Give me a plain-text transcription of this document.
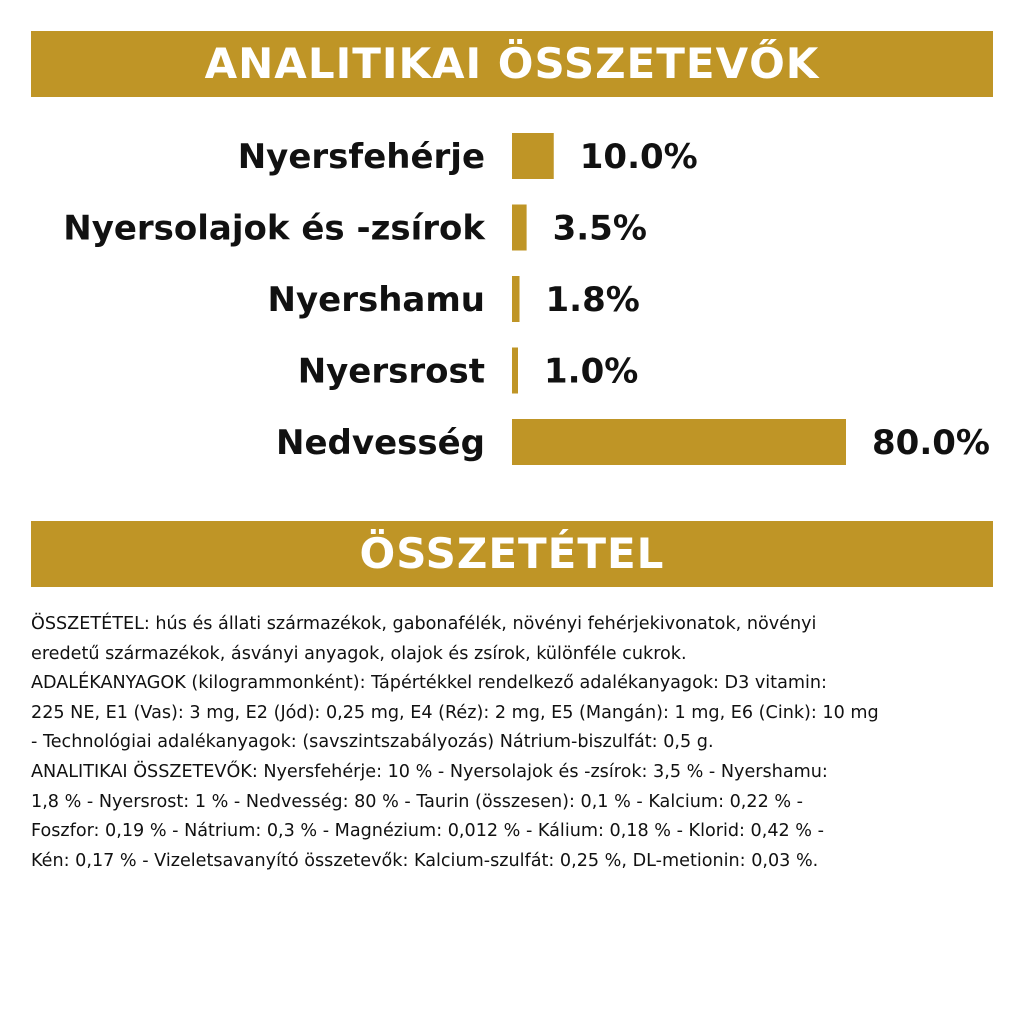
ANALITIKAI ÖSSZETEVŐK
Nyersfehérje	10.0%
Nyersolajok és -zsírok 3.5%
Nyershamu 1.8%
Nyersrost 1.0%
Nedvesség	80.0%
ÖSSZETÉTEL
ÖSSZETÉTEL: hús és állati származékok, gabonafélék, növényi fehérjekivonatok, növényi
eredetű származékok, ásványi anyagok, olajok és zsírok, különféle cukrok.
ADALÉKANYAGOK (kilogrammonként): Tápértékkel rendelkező adalékanyagok: D3 vitamin:
225 NE, E1 (Vas): 3 mg, E2 (Jód): 0,25 mg, E4 (Réz): 2 mg, E5 (Mangán): 1 mg, E6 (Cink): 10 mg
- Technológiai adalékanyagok: (savszintszabályozás) Nátrium-biszulfát: 0,5 g.
ANALITIKAI ÖSSZETEVŐK: Nyersfehérje: 10 % - Nyersolajok és -zsírok: 3,5 % - Nyershamu:
1,8 % - Nyersrost: 1 % - Nedvesség: 80 % - Taurin (összesen): 0,1 % - Kalcium: 0,22 % -
Foszfor: 0,19 % - Nátrium: 0,3 % - Magnézium: 0,012 % - Kálium: 0,18 % - Klorid: 0,42 % -
Kén: 0,17 % - Vizeletsavanyító összetevők: Kalcium-szulfát: 0,25 %, DL-metionin: 0,03 %.
